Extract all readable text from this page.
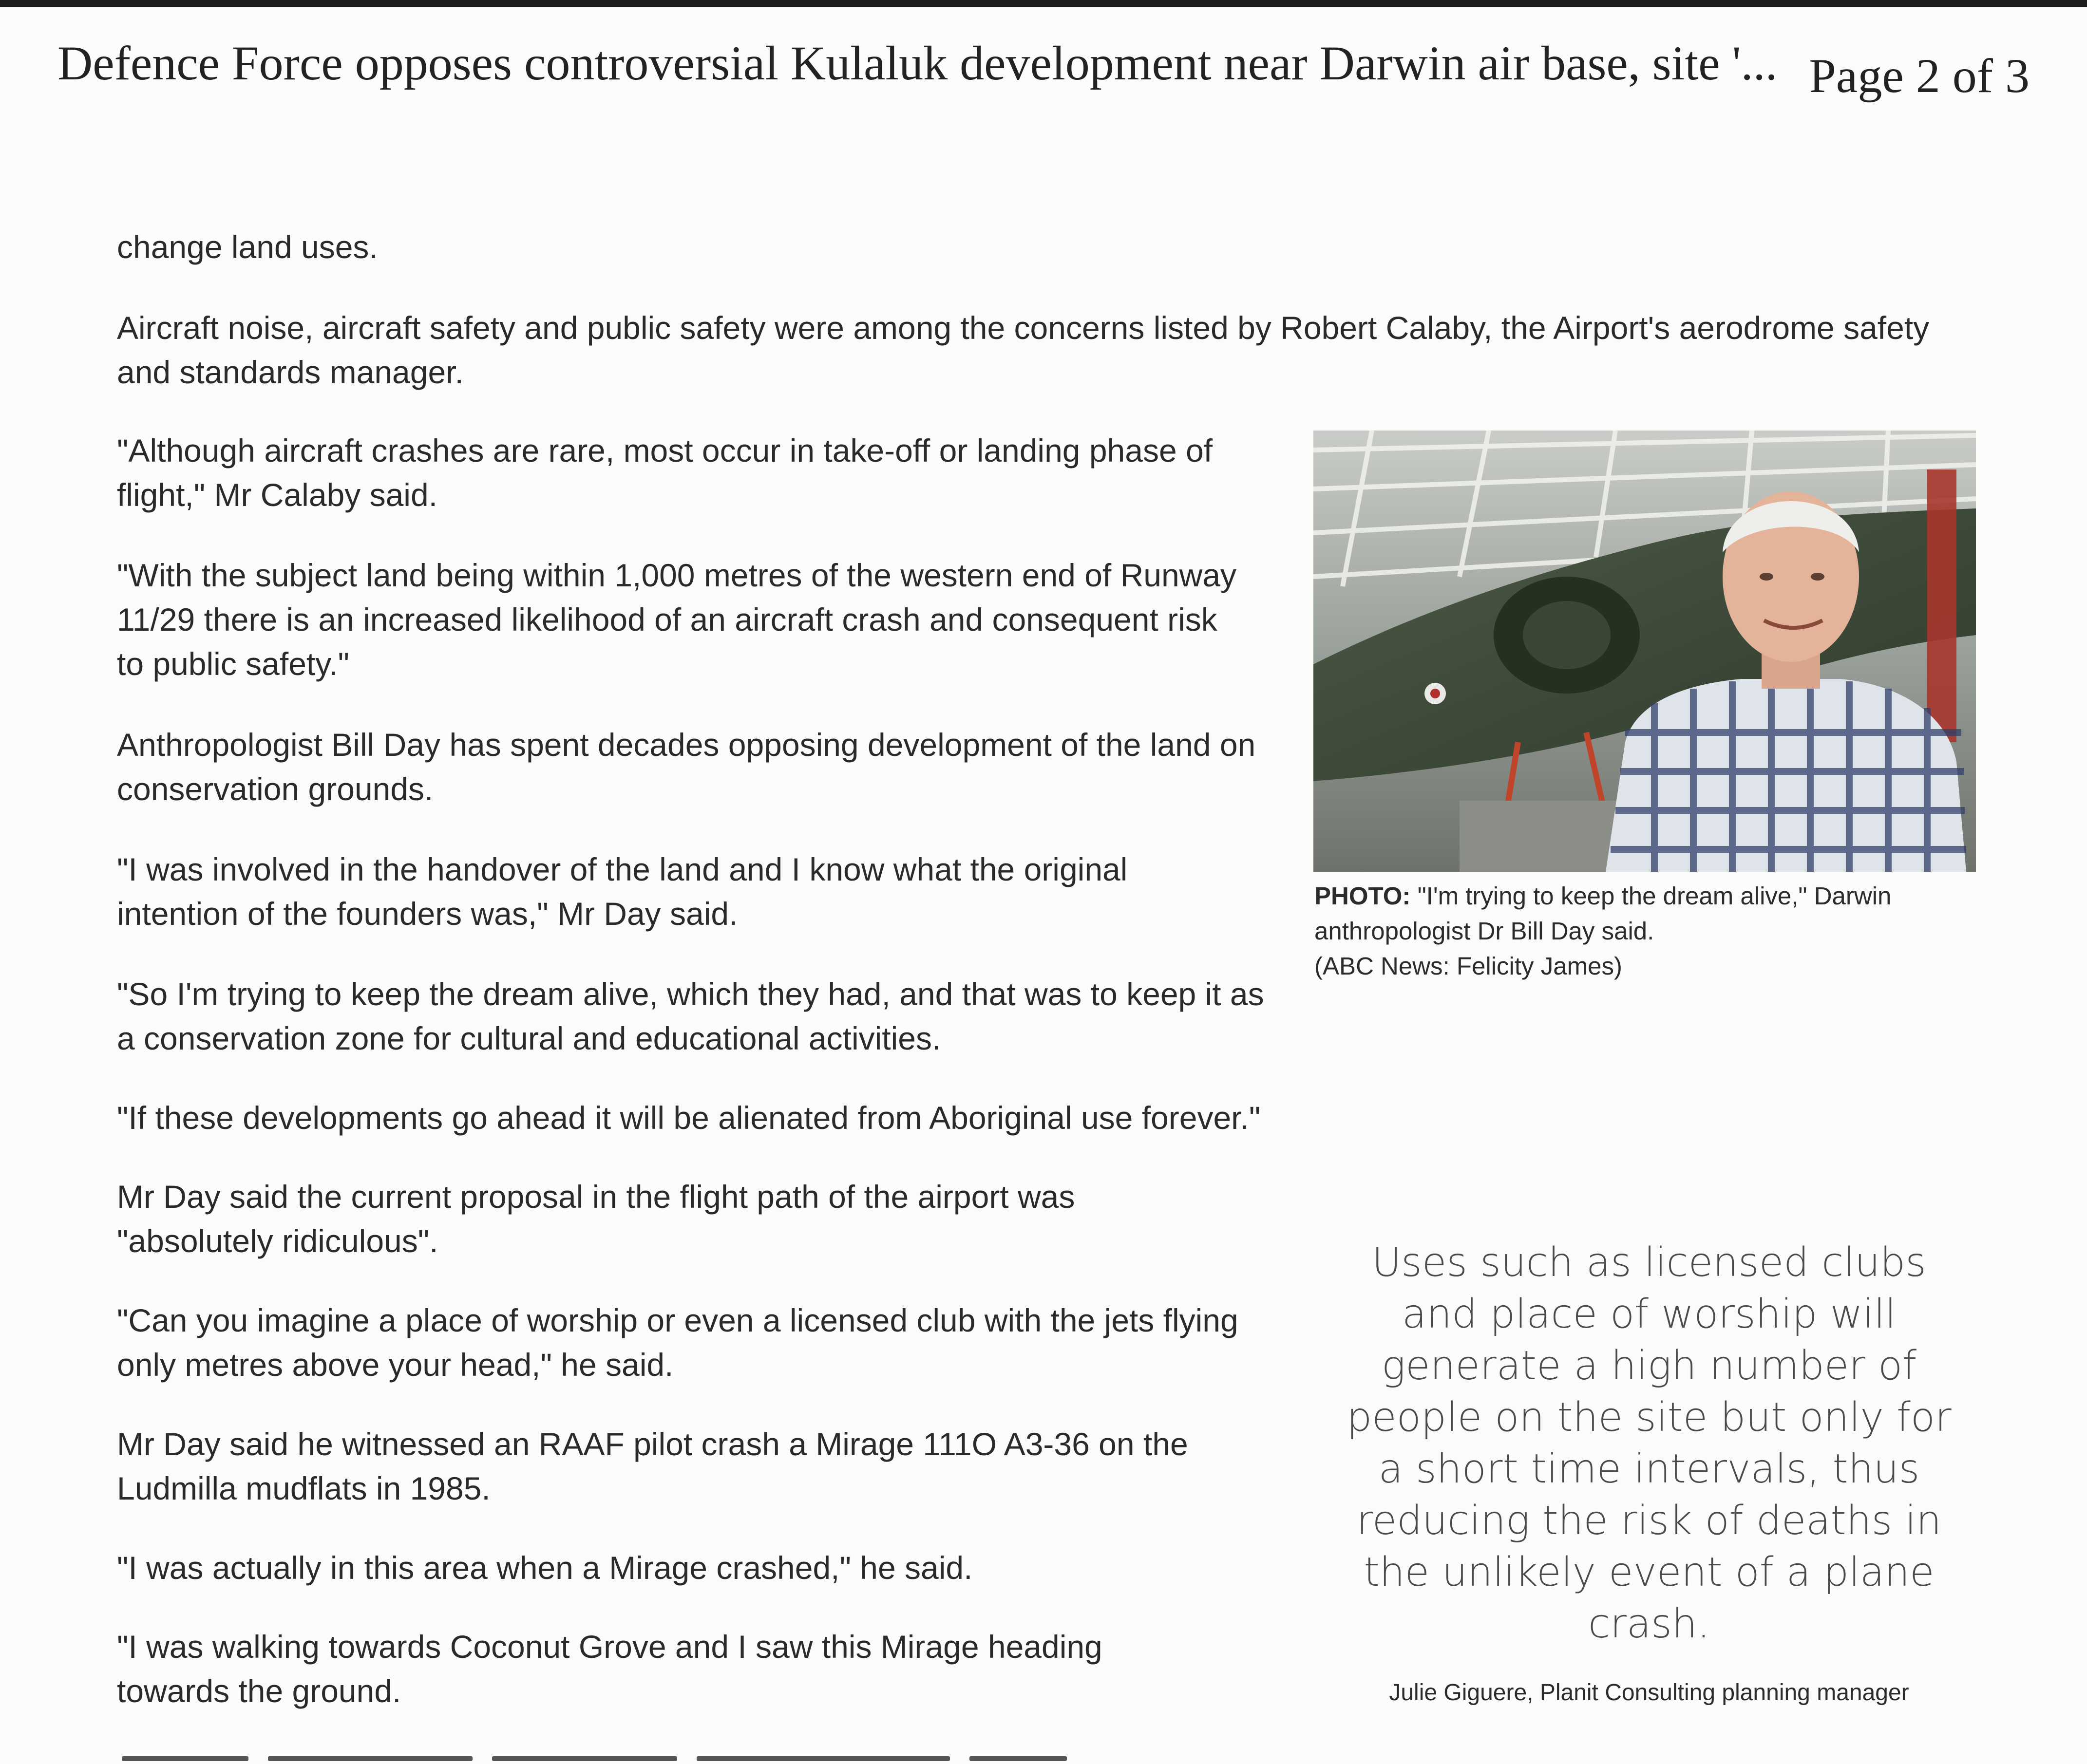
Defence Force opposes controversial Kulaluk development near Darwin air base, site '... Page 2 of 3

change land uses.

Aircraft noise, aircraft safety and public safety were among the concerns listed by Robert Calaby, the Airport's aerodrome safety and standards manager.

"Although aircraft crashes are rare, most occur in take-off or landing phase of flight," Mr Calaby said.

"With the subject land being within 1,000 metres of the western end of Runway 11/29 there is an increased likelihood of an aircraft crash and consequent risk to public safety."

Anthropologist Bill Day has spent decades opposing development of the land on conservation grounds.

"I was involved in the handover of the land and I know what the original intention of the founders was," Mr Day said.

"So I'm trying to keep the dream alive, which they had, and that was to keep it as a conservation zone for cultural and educational activities.

"If these developments go ahead it will be alienated from Aboriginal use forever."

Mr Day said the current proposal in the flight path of the airport was "absolutely ridiculous".

"Can you imagine a place of worship or even a licensed club with the jets flying only metres above your head," he said.

Mr Day said he witnessed an RAAF pilot crash a Mirage 111O A3-36 on the Ludmilla mudflats in 1985.

"I was actually in this area when a Mirage crashed," he said.

"I was walking towards Coconut Grove and I saw this Mirage heading towards the ground.

PHOTO: "I'm trying to keep the dream alive," Darwin anthropologist Dr Bill Day said.
(ABC News: Felicity James)
Uses such as licensed clubs and place of worship will generate a high number of people on the site but only for a short time intervals, thus reducing the risk of deaths in the unlikely event of a plane crash.
Julie Giguere, Planit Consulting planning manager
